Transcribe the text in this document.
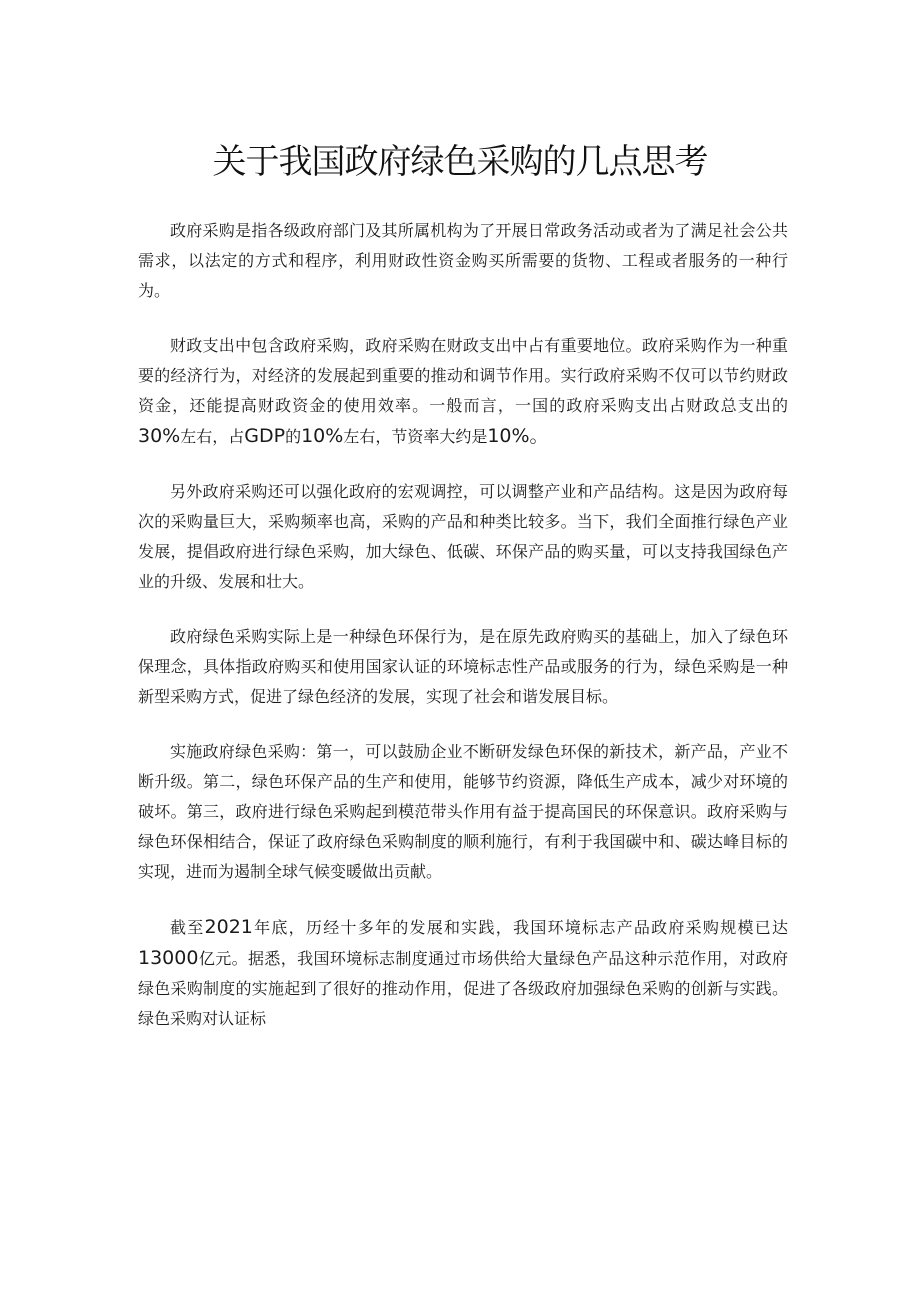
关于我国政府绿色采购的几点思考

政府采购是指各级政府部门及其所属机构为了开展日常政务活动或者为了满足社会公共需求，以法定的方式和程序，利用财政性资金购买所需要的货物、工程或者服务的一种行为。

财政支出中包含政府采购，政府采购在财政支出中占有重要地位。政府采购作为一种重要的经济行为，对经济的发展起到重要的推动和调节作用。实行政府采购不仅可以节约财政资金，还能提高财政资金的使用效率。一般而言，一国的政府采购支出占财政总支出的30%左右，占GDP的10%左右，节资率大约是10%。

另外政府采购还可以强化政府的宏观调控，可以调整产业和产品结构。这是因为政府每次的采购量巨大，采购频率也高，采购的产品和种类比较多。当下，我们全面推行绿色产业发展，提倡政府进行绿色采购，加大绿色、低碳、环保产品的购买量，可以支持我国绿色产业的升级、发展和壮大。

政府绿色采购实际上是一种绿色环保行为，是在原先政府购买的基础上，加入了绿色环保理念，具体指政府购买和使用国家认证的环境标志性产品或服务的行为，绿色采购是一种新型采购方式，促进了绿色经济的发展，实现了社会和谐发展目标。

实施政府绿色采购：第一，可以鼓励企业不断研发绿色环保的新技术，新产品，产业不断升级。第二，绿色环保产品的生产和使用，能够节约资源，降低生产成本，减少对环境的破坏。第三，政府进行绿色采购起到模范带头作用有益于提高国民的环保意识。政府采购与绿色环保相结合，保证了政府绿色采购制度的顺利施行，有利于我国碳中和、碳达峰目标的实现，进而为遏制全球气候变暖做出贡献。

截至2021年底，历经十多年的发展和实践，我国环境标志产品政府采购规模已达13000亿元。据悉，我国环境标志制度通过市场供给大量绿色产品这种示范作用，对政府绿色采购制度的实施起到了很好的推动作用，促进了各级政府加强绿色采购的创新与实践。绿色采购对认证标
